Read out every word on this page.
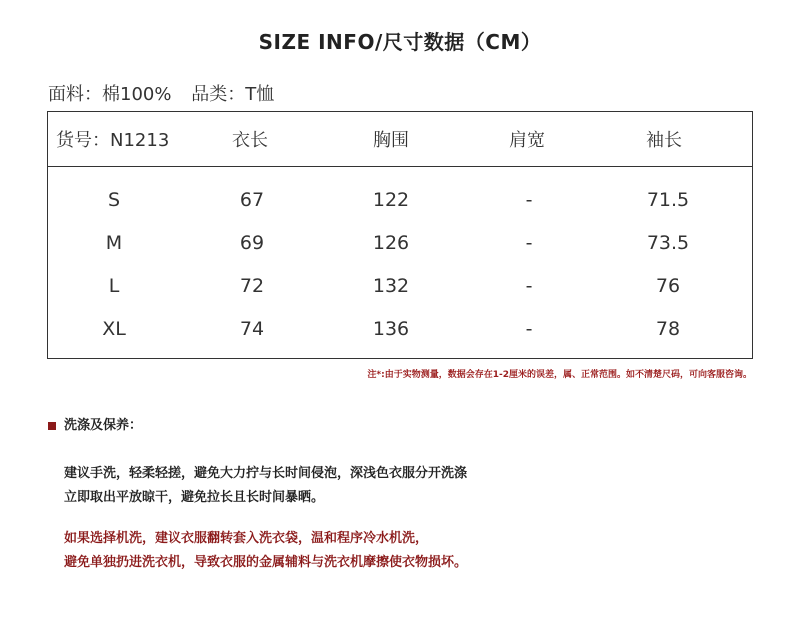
SIZE INFO/尺寸数据（CM）
面料：棉100% 品类：T恤
货号：N1213	衣长	胸围	肩宽	袖长
S	67	122	-	71.5
M	69	126	-	73.5
L	72	132	-	76
XL	74	136	-	78
注*:由于实物测量，数据会存在1-2厘米的误差，属、正常范围。如不清楚尺码，可向客服咨询。
洗涤及保养：
建议手洗，轻柔轻搓，避免大力拧与长时间侵泡，深浅色衣服分开洗涤
立即取出平放晾干，避免拉长且长时间暴晒。
如果选择机洗，建议衣服翻转套入洗衣袋，温和程序冷水机洗，
避免单独扔进洗衣机，导致衣服的金属辅料与洗衣机摩擦使衣物损坏。
